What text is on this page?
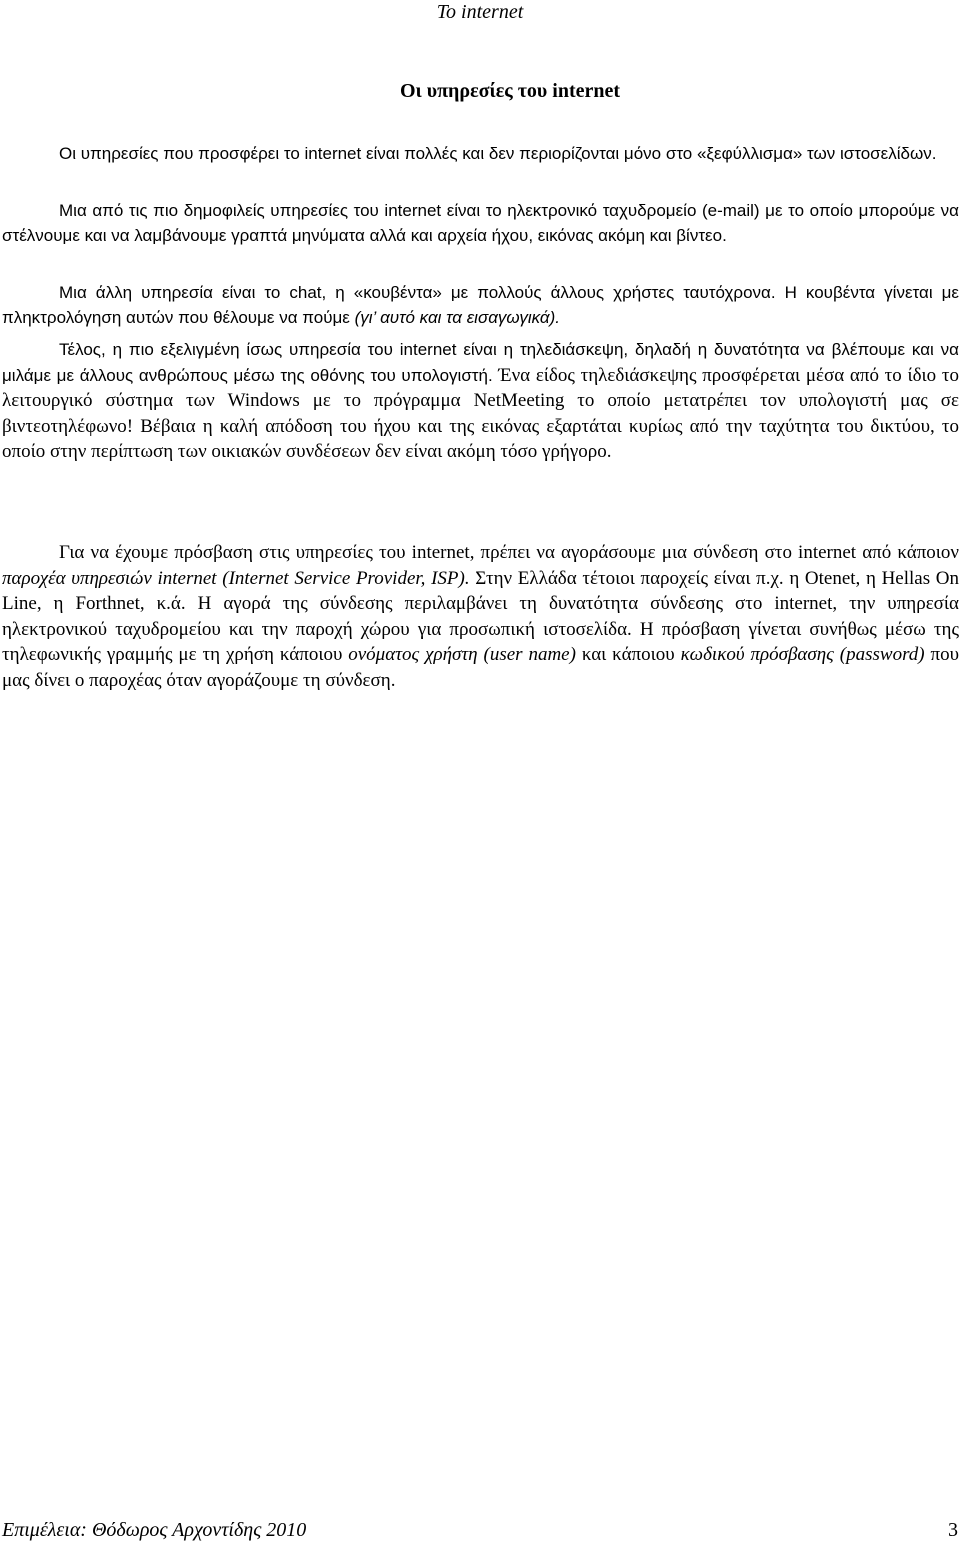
Το internet
Οι υπηρεσίες του internet

Οι υπηρεσίες που προσφέρει το internet είναι πολλές και δεν περιορίζονται μόνο στο «ξεφύλλισμα» των ιστοσελίδων.

Μια από τις πιο δημοφιλείς υπηρεσίες του internet είναι το ηλεκτρονικό ταχυδρομείο (e-mail) με το οποίο μπορούμε να στέλνουμε και να λαμβάνουμε γραπτά μηνύματα αλλά και αρχεία ήχου, εικόνας ακόμη και βίντεο.

Μια άλλη υπηρεσία είναι το chat, η «κουβέντα» με πολλούς άλλους χρήστες ταυτόχρονα. Η κουβέντα γίνεται με πληκτρολόγηση αυτών που θέλουμε να πούμε (γι’ αυτό και τα εισαγωγικά).

Τέλος, η πιο εξελιγμένη ίσως υπηρεσία του internet είναι η τηλεδιάσκεψη, δηλαδή η δυνατότητα να βλέπουμε και να μιλάμε με άλλους ανθρώπους μέσω της οθόνης του υπολογιστή. Ένα είδος τηλεδιάσκεψης προσφέρεται μέσα από το ίδιο το λειτουργικό σύστημα των Windows με το πρόγραμμα NetMeeting το οποίο μετατρέπει τον υπολογιστή μας σε βιντεοτηλέφωνο! Βέβαια η καλή απόδοση του ήχου και της εικόνας εξαρτάται κυρίως από την ταχύτητα του δικτύου, το οποίο στην περίπτωση των οικιακών συνδέσεων δεν είναι ακόμη τόσο γρήγορο.

Για να έχουμε πρόσβαση στις υπηρεσίες του internet, πρέπει να αγοράσουμε μια σύνδεση στο internet από κάποιον παροχέα υπηρεσιών internet (Internet Service Provider, ISP). Στην Ελλάδα τέτοιοι παροχείς είναι π.χ. η Otenet, η Hellas On Line, η Forthnet, κ.ά. Η αγορά της σύνδεσης περιλαμβάνει τη δυνατότητα σύνδεσης στο internet, την υπηρεσία ηλεκτρονικού ταχυδρομείου και την παροχή χώρου για προσωπική ιστοσελίδα. Η πρόσβαση γίνεται συνήθως μέσω της τηλεφωνικής γραμμής με τη χρήση κάποιου ονόματος χρήστη (user name) και κάποιου κωδικού πρόσβασης (password) που μας δίνει ο παροχέας όταν αγοράζουμε τη σύνδεση.

Επιμέλεια: Θόδωρος Αρχοντίδης 2010	3
